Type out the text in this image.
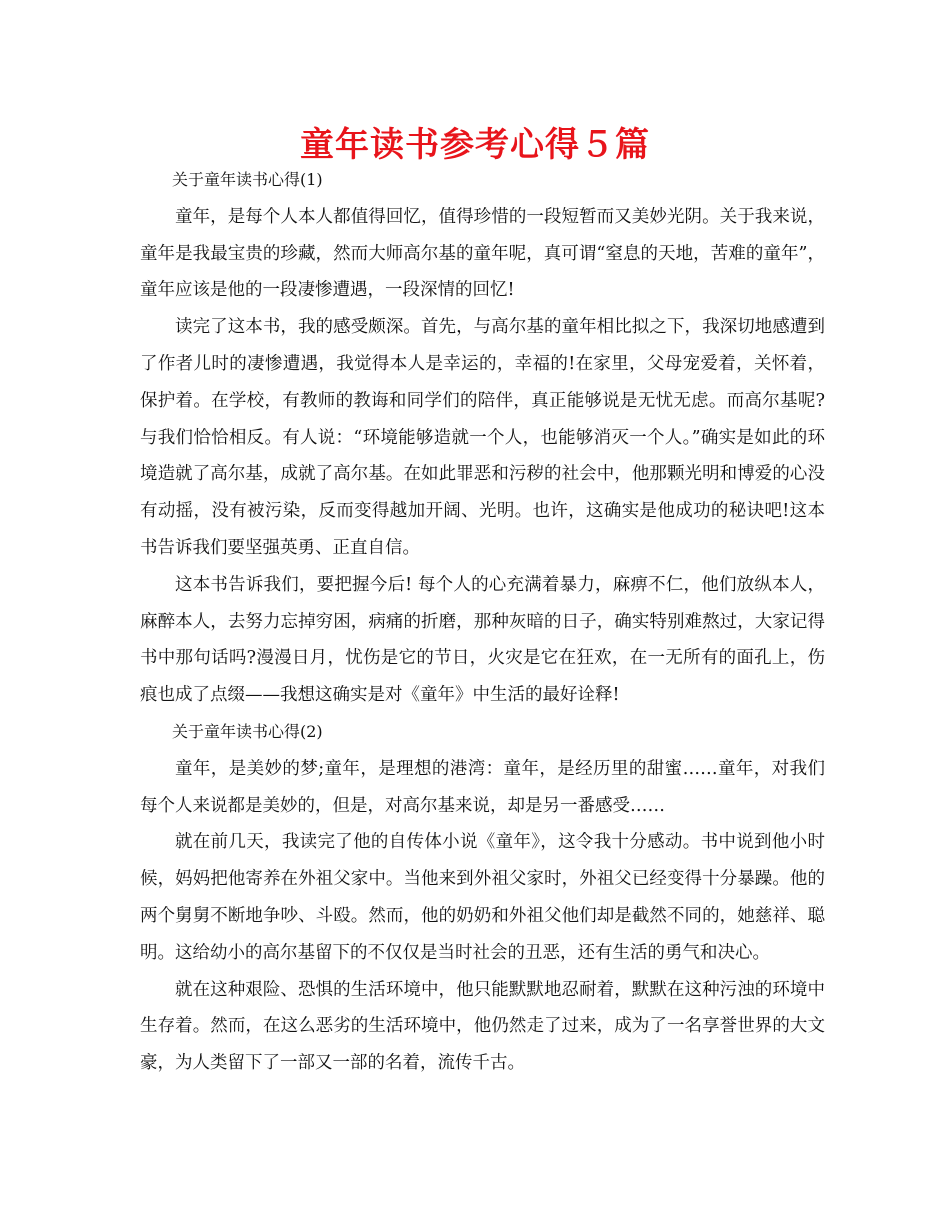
童年读书参考心得５篇

关于童年读书心得(1)

童年，是每个人本人都值得回忆，值得珍惜的一段短暂而又美妙光阴。关于我来说，童年是我最宝贵的珍藏，然而大师高尔基的童年呢，真可谓“窒息的天地，苦难的童年”，童年应该是他的一段凄惨遭遇，一段深情的回忆!

读完了这本书，我的感受颇深。首先，与高尔基的童年相比拟之下，我深切地感遭到了作者儿时的凄惨遭遇，我觉得本人是幸运的，幸福的!在家里，父母宠爱着，关怀着，保护着。在学校，有教师的教诲和同学们的陪伴，真正能够说是无忧无虑。而高尔基呢?与我们恰恰相反。有人说：“环境能够造就一个人，也能够消灭一个人。”确实是如此的环境造就了高尔基，成就了高尔基。在如此罪恶和污秽的社会中，他那颗光明和博爱的心没有动摇，没有被污染，反而变得越加开阔、光明。也许，这确实是他成功的秘诀吧!这本书告诉我们要坚强英勇、正直自信。

这本书告诉我们，要把握今后! 每个人的心充满着暴力，麻痹不仁，他们放纵本人，麻醉本人，去努力忘掉穷困，病痛的折磨，那种灰暗的日子，确实特别难熬过，大家记得书中那句话吗?漫漫日月，忧伤是它的节日，火灾是它在狂欢，在一无所有的面孔上，伤痕也成了点缀——我想这确实是对《童年》中生活的最好诠释!

关于童年读书心得(2)

童年，是美妙的梦;童年，是理想的港湾：童年，是经历里的甜蜜……童年，对我们每个人来说都是美妙的，但是，对高尔基来说，却是另一番感受……

就在前几天，我读完了他的自传体小说《童年》，这令我十分感动。书中说到他小时候，妈妈把他寄养在外祖父家中。当他来到外祖父家时，外祖父已经变得十分暴躁。他的两个舅舅不断地争吵、斗殴。然而，他的奶奶和外祖父他们却是截然不同的，她慈祥、聪明。这给幼小的高尔基留下的不仅仅是当时社会的丑恶，还有生活的勇气和决心。

就在这种艰险、恐惧的生活环境中，他只能默默地忍耐着，默默在这种污浊的环境中生存着。然而，在这么恶劣的生活环境中，他仍然走了过来，成为了一名享誉世界的大文豪，为人类留下了一部又一部的名着，流传千古。
